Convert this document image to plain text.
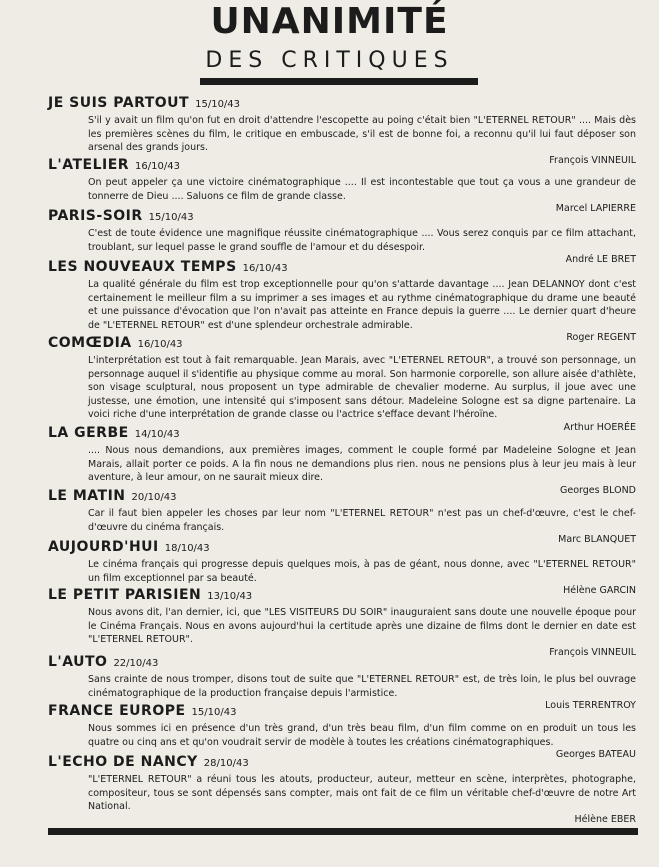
UNANIMITÉ
DES CRITIQUES
JE SUIS PARTOUT 15/10/43

S'il y avait un film qu'on fut en droit d'attendre l'escopette au poing c'était bien "L'ETERNEL RETOUR" .... Mais dès les premières scènes du film, le critique en embuscade, s'il est de bonne foi, a reconnu qu'il lui faut déposer son arsenal des grands jours.

François VINNEUIL
L'ATELIER 16/10/43

On peut appeler ça une victoire cinématographique .... Il est incontestable que tout ça vous a une grandeur de tonnerre de Dieu .... Saluons ce film de grande classe.

Marcel LAPIERRE
PARIS-SOIR 15/10/43

C'est de toute évidence une magnifique réussite cinématographique .... Vous serez conquis par ce film attachant, troublant, sur lequel passe le grand souffle de l'amour et du désespoir.

André LE BRET
LES NOUVEAUX TEMPS 16/10/43

La qualité générale du film est trop exceptionnelle pour qu'on s'attarde davantage .... Jean DELANNOY dont c'est certainement le meilleur film a su imprimer a ses images et au rythme cinématographique du drame une beauté et une puissance d'évocation que l'on n'avait pas atteinte en France depuis la guerre .... Le dernier quart d'heure de "L'ETERNEL RETOUR" est d'une splendeur orchestrale admirable.

Roger REGENT
COMŒDIA 16/10/43

L'interprétation est tout à fait remarquable. Jean Marais, avec "L'ETERNEL RETOUR", a trouvé son personnage, un personnage auquel il s'identifie au physique comme au moral. Son harmonie corporelle, son allure aisée d'athlète, son visage sculptural, nous proposent un type admirable de chevalier moderne. Au surplus, il joue avec une justesse, une émotion, une intensité qui s'imposent sans détour. Madeleine Sologne est sa digne partenaire. La voici riche d'une interprétation de grande classe ou l'actrice s'efface devant l'héroïne.

Arthur HOERÉE
LA GERBE 14/10/43

.... Nous nous demandions, aux premières images, comment le couple formé par Madeleine Sologne et Jean Marais, allait porter ce poids. A la fin nous ne demandions plus rien. nous ne pensions plus à leur jeu mais à leur aventure, à leur amour, on ne saurait mieux dire.

Georges BLOND
LE MATIN 20/10/43

Car il faut bien appeler les choses par leur nom "L'ETERNEL RETOUR" n'est pas un chef-d'œuvre, c'est le chef-d'œuvre du cinéma français.

Marc BLANQUET
AUJOURD'HUI 18/10/43

Le cinéma français qui progresse depuis quelques mois, à pas de géant, nous donne, avec "L'ETERNEL RETOUR" un film exceptionnel par sa beauté.

Hélène GARCIN
LE PETIT PARISIEN 13/10/43

Nous avons dit, l'an dernier, ici, que "LES VISITEURS DU SOIR" inauguraient sans doute une nouvelle époque pour le Cinéma Français. Nous en avons aujourd'hui la certitude après une dizaine de films dont le dernier en date est "L'ETERNEL RETOUR".

François VINNEUIL
L'AUTO 22/10/43

Sans crainte de nous tromper, disons tout de suite que "L'ETERNEL RETOUR" est, de très loin, le plus bel ouvrage cinématographique de la production française depuis l'armistice.

Louis TERRENTROY
FRANCE EUROPE 15/10/43

Nous sommes ici en présence d'un très grand, d'un très beau film, d'un film comme on en produit un tous les quatre ou cinq ans et qu'on voudrait servir de modèle à toutes les créations cinématographiques.

Georges BATEAU
L'ECHO DE NANCY 28/10/43

"L'ETERNEL RETOUR" a réuni tous les atouts, producteur, auteur, metteur en scène, interprètes, photographe, compositeur, tous se sont dépensés sans compter, mais ont fait de ce film un véritable chef-d'œuvre de notre Art National.

Hélène EBER
